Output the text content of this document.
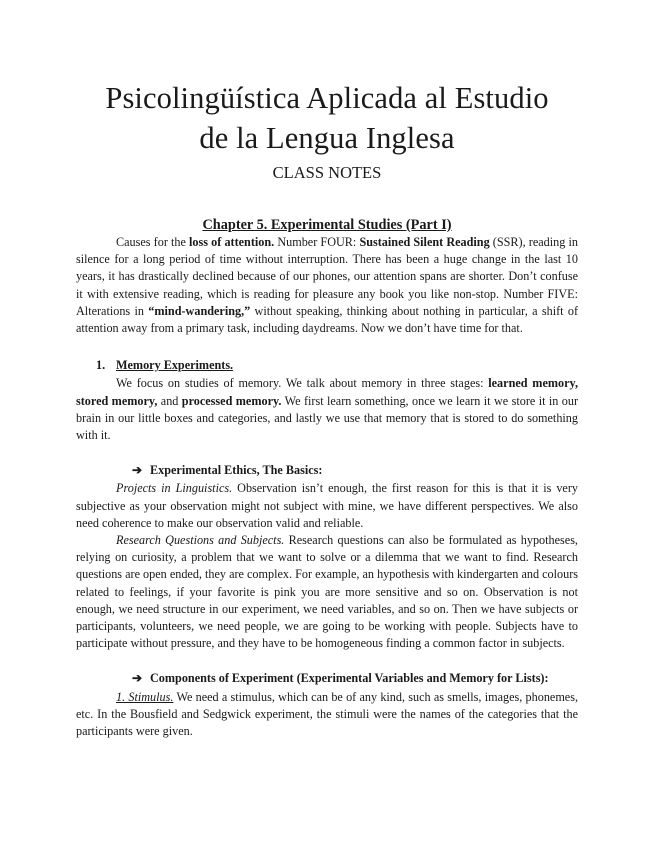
Psicolingüística Aplicada al Estudio
de la Lengua Inglesa
CLASS NOTES
Chapter 5. Experimental Studies (Part I)

Causes for the loss of attention. Number FOUR: Sustained Silent Reading (SSR), reading in silence for a long period of time without interruption. There has been a huge change in the last 10 years, it has drastically declined because of our phones, our attention spans are shorter. Don’t confuse it with extensive reading, which is reading for pleasure any book you like non-stop. Number FIVE: Alterations in “mind-wandering,” without speaking, thinking about nothing in particular, a shift of attention away from a primary task, including daydreams. Now we don’t have time for that.

1. Memory Experiments.

We focus on studies of memory. We talk about memory in three stages: learned memory, stored memory, and processed memory. We first learn something, once we learn it we store it in our brain in our little boxes and categories, and lastly we use that memory that is stored to do something with it.

➔ Experimental Ethics, The Basics:

Projects in Linguistics. Observation isn’t enough, the first reason for this is that it is very subjective as your observation might not subject with mine, we have different perspectives. We also need coherence to make our observation valid and reliable.

Research Questions and Subjects. Research questions can also be formulated as hypotheses, relying on curiosity, a problem that we want to solve or a dilemma that we want to find. Research questions are open ended, they are complex. For example, an hypothesis with kindergarten and colours related to feelings, if your favorite is pink you are more sensitive and so on. Observation is not enough, we need structure in our experiment, we need variables, and so on. Then we have subjects or participants, volunteers, we need people, we are going to be working with people. Subjects have to participate without pressure, and they have to be homogeneous finding a common factor in subjects.

➔ Components of Experiment (Experimental Variables and Memory for Lists):

1. Stimulus. We need a stimulus, which can be of any kind, such as smells, images, phonemes, etc. In the Bousfield and Sedgwick experiment, the stimuli were the names of the categories that the participants were given.
